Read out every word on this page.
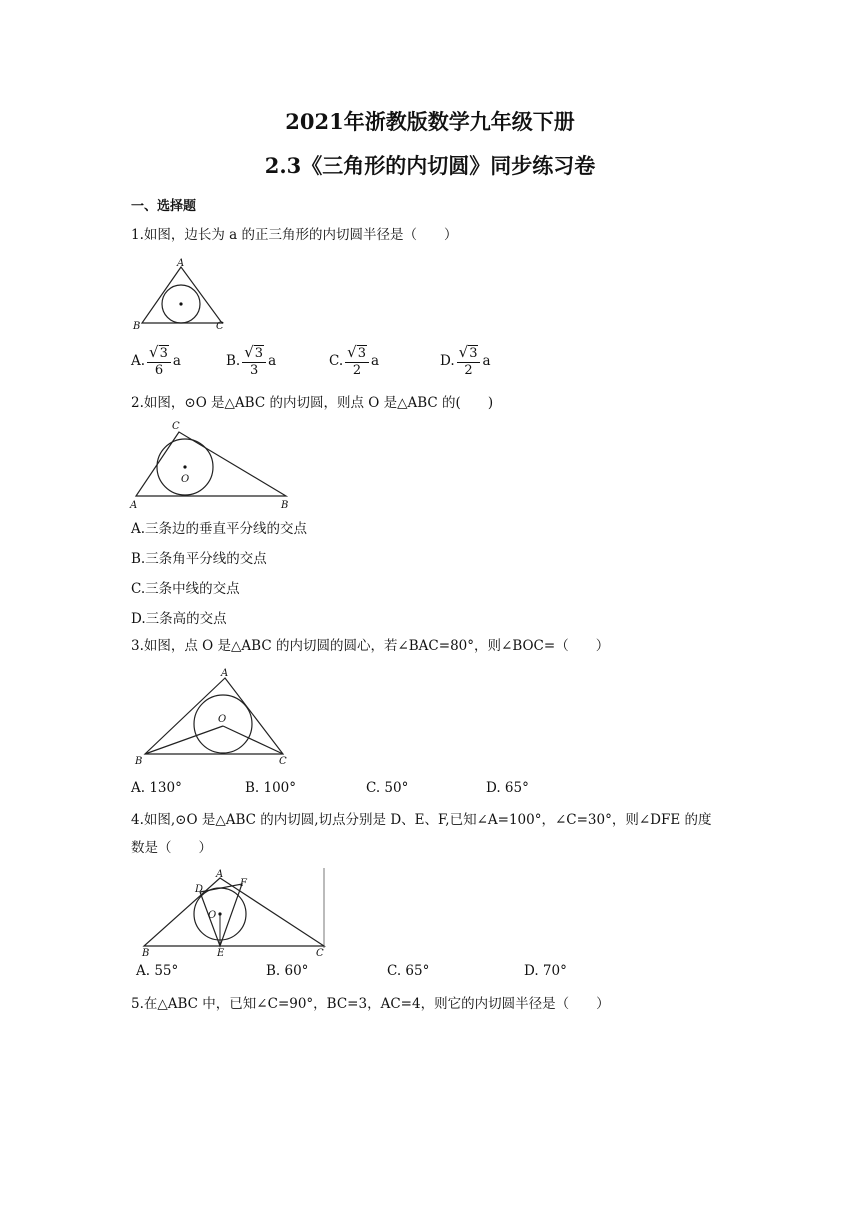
2021年浙教版数学九年级下册
2.3《三角形的内切圆》同步练习卷
一、选择题
1.如图，边长为 a 的正三角形的内切圆半径是（　　）
A
B	C
A. $\frac{√3}{6}$ a	B. $\frac{√3}{3}$ a	C. $\frac{√3}{2}$ a	D. $\frac{√3}{2}$ a
2.如图，⊙O 是△ABC 的内切圆，则点 O 是△ABC 的(　　)
C
O
A	B
A.三条边的垂直平分线的交点
B.三条角平分线的交点
C.三条中线的交点
D.三条高的交点
3.如图，点 O 是△ABC 的内切圆的圆心，若∠BAC=80°，则∠BOC=（　　）
A
O
B	C
A. 130°	B. 100°	C. 50°	D. 65°
4.如图,⊙O 是△ABC 的内切圆,切点分别是 D、E、F,已知∠A=100°，∠C=30°，则∠DFE 的度
数是（　　）
A
D
F
O
B	E	C
A. 55°	B. 60°	C. 65°	D. 70°
5.在△ABC 中，已知∠C=90°，BC=3，AC=4，则它的内切圆半径是（　　）
